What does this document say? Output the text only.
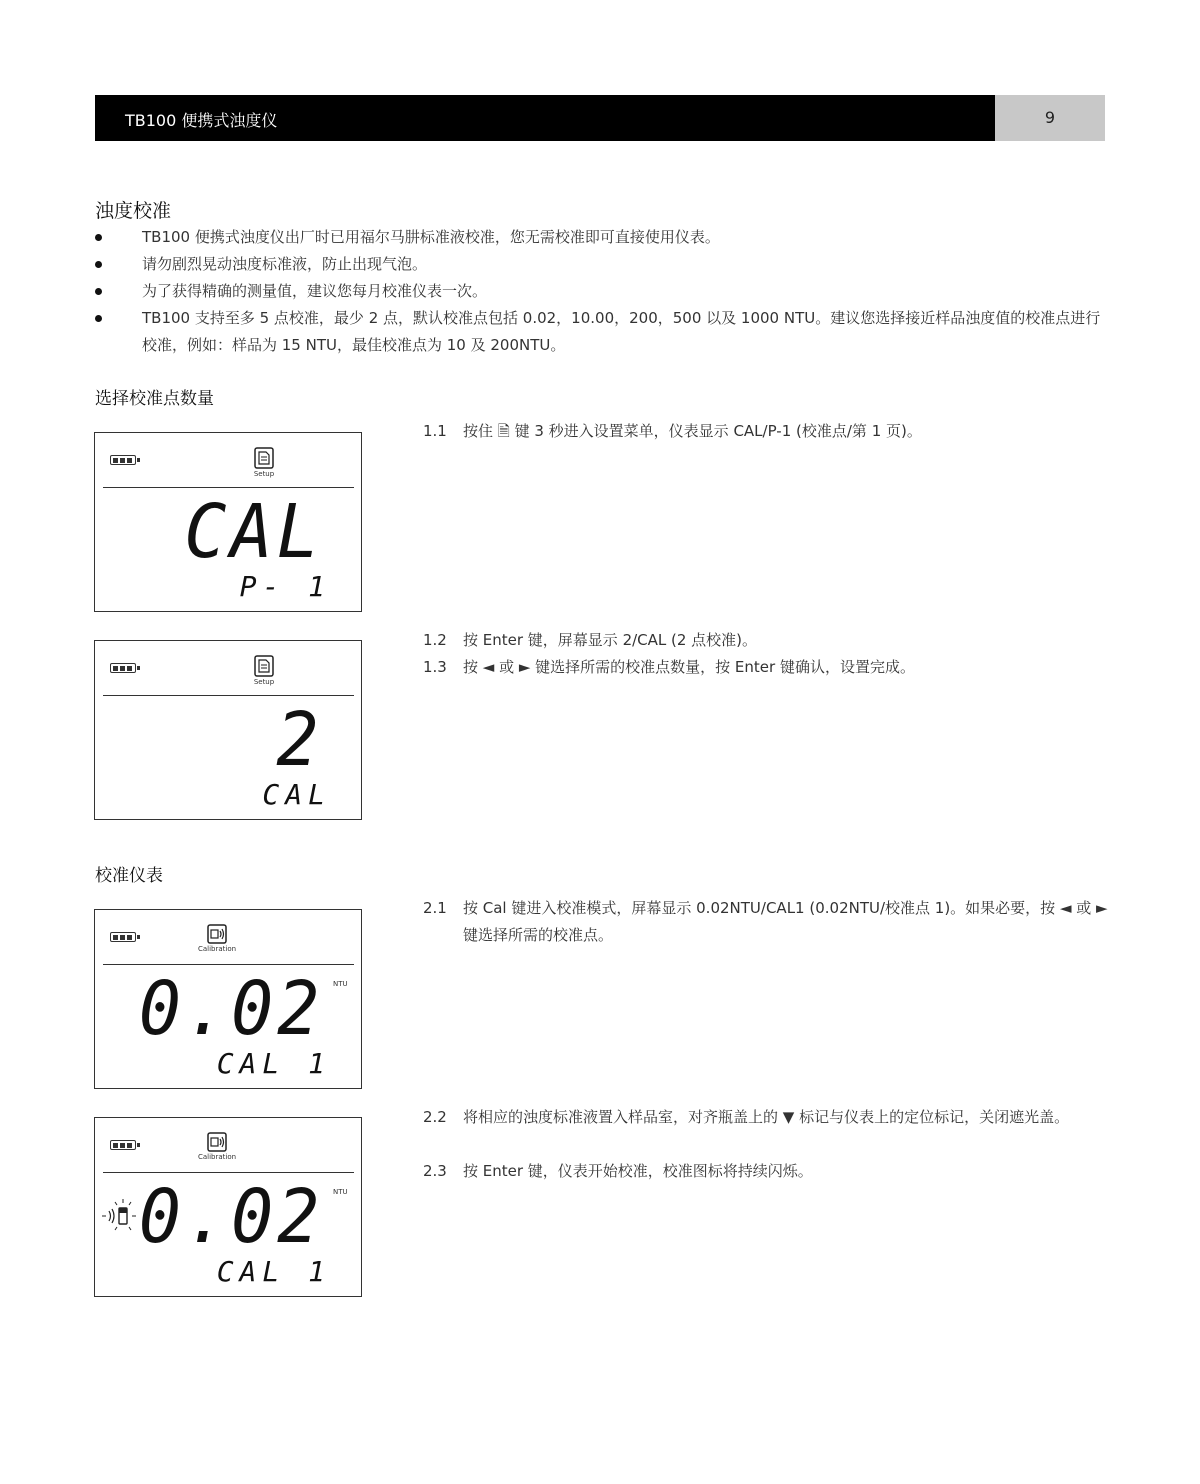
TB100 便携式浊度仪	9
浊度校准
TB100 便携式浊度仪出厂时已用福尔马肼标准液校准，您无需校准即可直接使用仪表。
请勿剧烈晃动浊度标准液，防止出现气泡。
为了获得精确的测量值，建议您每月校准仪表一次。
TB100 支持至多 5 点校准，最少 2 点，默认校准点包括 0.02，10.00，200，500 以及 1000 NTU。建议您选择接近样品浊度值的校准点进行校准，例如：样品为 15 NTU，最佳校准点为 10 及 200NTU。
选择校准点数量
1.1	按住 🗎 键 3 秒进入设置菜单，仪表显示 CAL/P-1 (校准点/第 1 页)。
1.2	按 Enter 键，屏幕显示 2/CAL (2 点校准)。
1.3	按 ◄ 或 ► 键选择所需的校准点数量，按 Enter 键确认，设置完成。
Setup
CAL
P- 1
Setup
2
CAL
校准仪表
2.1	按 Cal 键进入校准模式，屏幕显示 0.02NTU/CAL1 (0.02NTU/校准点 1)。如果必要，按 ◄ 或 ► 键选择所需的校准点。
2.2	将相应的浊度标准液置入样品室，对齐瓶盖上的 ▼ 标记与仪表上的定位标记，关闭遮光盖。
2.3	按 Enter 键，仪表开始校准，校准图标将持续闪烁。
Calibration
NTU
0.02
CAL 1
Calibration
NTU
0.02
CAL 1
